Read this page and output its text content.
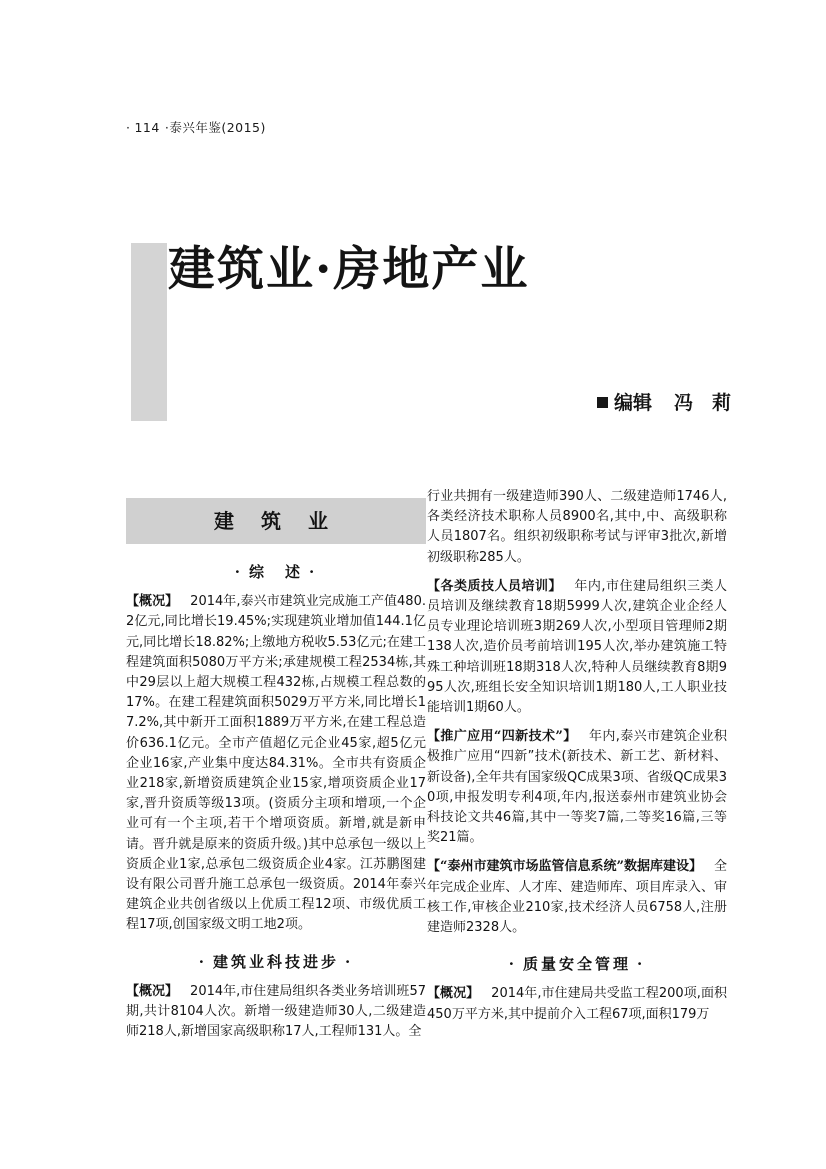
· 114 ·泰兴年鉴(2015)
建筑业·房地产业
编辑 冯　莉
建 筑 业
· 综　述 ·

【概况】 2014年,泰兴市建筑业完成施工产值480.2亿元,同比增长19.45%;实现建筑业增加值144.1亿元,同比增长18.82%;上缴地方税收5.53亿元;在建工程建筑面积5080万平方米;承建规模工程2534栋,其中29层以上超大规模工程432栋,占规模工程总数的17%。在建工程建筑面积5029万平方米,同比增长17.2%,其中新开工面积1889万平方米,在建工程总造价636.1亿元。全市产值超亿元企业45家,超5亿元企业16家,产业集中度达84.31%。全市共有资质企业218家,新增资质建筑企业15家,增项资质企业17家,晋升资质等级13项。(资质分主项和增项,一个企业可有一个主项,若干个增项资质。新增,就是新申请。晋升就是原来的资质升级。)其中总承包一级以上资质企业1家,总承包二级资质企业4家。江苏鹏图建设有限公司晋升施工总承包一级资质。2014年泰兴建筑企业共创省级以上优质工程12项、市级优质工程17项,创国家级文明工地2项。

· 建筑业科技进步 ·

【概况】 2014年,市住建局组织各类业务培训班57期,共计8104人次。新增一级建造师30人,二级建造师218人,新增国家高级职称17人,工程师131人。全

行业共拥有一级建造师390人、二级建造师1746人,各类经济技术职称人员8900名,其中,中、高级职称人员1807名。组织初级职称考试与评审3批次,新增初级职称285人。

【各类质技人员培训】 年内,市住建局组织三类人员培训及继续教育18期5999人次,建筑企业企经人员专业理论培训班3期269人次,小型项目管理师2期138人次,造价员考前培训195人次,举办建筑施工特殊工种培训班18期318人次,特种人员继续教育8期995人次,班组长安全知识培训1期180人,工人职业技能培训1期60人。

【推广应用“四新技术”】 年内,泰兴市建筑企业积极推广应用“四新”技术(新技术、新工艺、新材料、新设备),全年共有国家级QC成果3项、省级QC成果30项,申报发明专利4项,年内,报送泰州市建筑业协会科技论文共46篇,其中一等奖7篇,二等奖16篇,三等奖21篇。

【“泰州市建筑市场监管信息系统”数据库建设】 全年完成企业库、人才库、建造师库、项目库录入、审核工作,审核企业210家,技术经济人员6758人,注册建造师2328人。

· 质量安全管理 ·

【概况】 2014年,市住建局共受监工程200项,面积450万平方米,其中提前介入工程67项,面积179万
